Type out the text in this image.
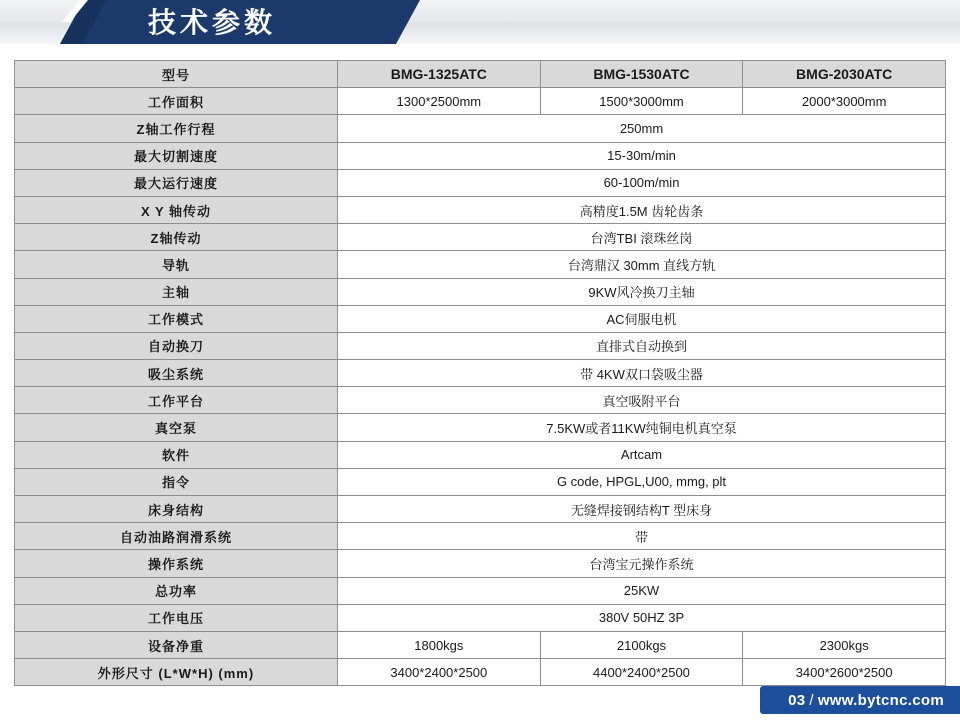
技术参数
型号	BMG-1325ATC	BMG-1530ATC	BMG-2030ATC
工作面积	1300*2500mm	1500*3000mm	2000*3000mm
Z轴工作行程	250mm		
最大切割速度	15-30m/min		
最大运行速度	60-100m/min		
X Y 轴传动	高精度1.5M 齿轮齿条		
Z轴传动	台湾TBI 滚珠丝岗		
导轨	台湾鼎汉 30mm 直线方轨		
主轴	9KW风冷换刀主轴		
工作模式	AC伺服电机		
自动换刀	直排式自动换到		
吸尘系统	带 4KW双口袋吸尘器		
工作平台	真空吸附平台		
真空泵	7.5KW或者11KW纯铜电机真空泵		
软件	Artcam		
指令	G code, HPGL,U00, mmg, plt		
床身结构	无缝焊接钢结构T 型床身		
自动油路润滑系统	带		
操作系统	台湾宝元操作系统		
总功率	25KW		
工作电压	380V 50HZ 3P		
设备净重	1800kgs	2100kgs	2300kgs
外形尺寸 (L*W*H) (mm)	3400*2400*2500	4400*2400*2500	3400*2600*2500
03 / www.bytcnc.com
